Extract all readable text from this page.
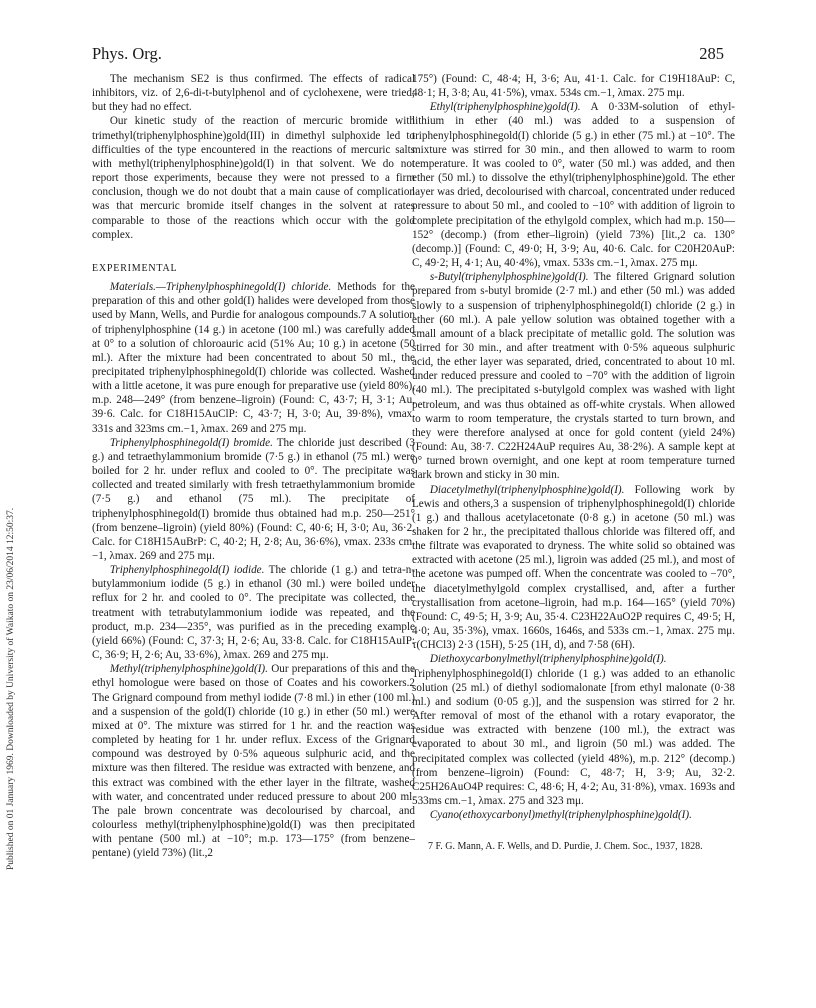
Phys. Org.	285
Published on 01 January 1969. Downloaded by University of Waikato on 23/06/2014 12:50:37.

The mechanism SE2 is thus confirmed. The effects of radical inhibitors, viz. of 2,6-di-t-butylphenol and of cyclohexene, were tried; but they had no effect.

Our kinetic study of the reaction of mercuric bromide with trimethyl(triphenylphosphine)gold(III) in dimethyl sulphoxide led to difficulties of the type encountered in the reactions of mercuric salts with methyl(triphenylphosphine)gold(I) in that solvent. We do not report those experiments, because they were not pressed to a firm conclusion, though we do not doubt that a main cause of complication was that mercuric bromide itself changes in the solvent at rates comparable to those of the reactions which occur with the gold complex.

EXPERIMENTAL

Materials.—Triphenylphosphinegold(I) chloride. Methods for the preparation of this and other gold(I) halides were developed from those used by Mann, Wells, and Purdie for analogous compounds.7 A solution of triphenylphosphine (14 g.) in acetone (100 ml.) was carefully added at 0° to a solution of chloroauric acid (51% Au; 10 g.) in acetone (50 ml.). After the mixture had been concentrated to about 50 ml., the precipitated triphenylphosphinegold(I) chloride was collected. Washed with a little acetone, it was pure enough for preparative use (yield 80%), m.p. 248—249° (from benzene–ligroin) (Found: C, 43·7; H, 3·1; Au, 39·6. Calc. for C18H15AuClP: C, 43·7; H, 3·0; Au, 39·8%), νmax. 331s and 323ms cm.−1, λmax. 269 and 275 mμ.

Triphenylphosphinegold(I) bromide. The chloride just described (3 g.) and tetraethylammonium bromide (7·5 g.) in ethanol (75 ml.) were boiled for 2 hr. under reflux and cooled to 0°. The precipitate was collected and treated similarly with fresh tetraethylammonium bromide (7·5 g.) and ethanol (75 ml.). The precipitate of triphenylphosphinegold(I) bromide thus obtained had m.p. 250—251° (from benzene–ligroin) (yield 80%) (Found: C, 40·6; H, 3·0; Au, 36·2. Calc. for C18H15AuBrP: C, 40·2; H, 2·8; Au, 36·6%), νmax. 233s cm.−1, λmax. 269 and 275 mμ.

Triphenylphosphinegold(I) iodide. The chloride (1 g.) and tetra-n-butylammonium iodide (5 g.) in ethanol (30 ml.) were boiled under reflux for 2 hr. and cooled to 0°. The precipitate was collected, the treatment with tetrabutylammonium iodide was repeated, and the product, m.p. 234—235°, was purified as in the preceding example (yield 66%) (Found: C, 37·3; H, 2·6; Au, 33·8. Calc. for C18H15AuIP: C, 36·9; H, 2·6; Au, 33·6%), λmax. 269 and 275 mμ.

Methyl(triphenylphosphine)gold(I). Our preparations of this and the ethyl homologue were based on those of Coates and his coworkers.2 The Grignard compound from methyl iodide (7·8 ml.) in ether (100 ml.) and a suspension of the gold(I) chloride (10 g.) in ether (50 ml.) were mixed at 0°. The mixture was stirred for 1 hr. and the reaction was completed by heating for 1 hr. under reflux. Excess of the Grignard compound was destroyed by 0·5% aqueous sulphuric acid, and the mixture was then filtered. The residue was extracted with benzene, and this extract was combined with the ether layer in the filtrate, washed with water, and concentrated under reduced pressure to about 200 ml. The pale brown concentrate was decolourised by charcoal, and colourless methyl(triphenylphosphine)gold(I) was then precipitated with pentane (500 ml.) at −10°; m.p. 173—175° (from benzene–pentane) (yield 73%) (lit.,2

175°) (Found: C, 48·4; H, 3·6; Au, 41·1. Calc. for C19H18AuP: C, 48·1; H, 3·8; Au, 41·5%), νmax. 534s cm.−1, λmax. 275 mμ.

Ethyl(triphenylphosphine)gold(I). A 0·33M-solution of ethyl-lithium in ether (40 ml.) was added to a suspension of triphenylphosphinegold(I) chloride (5 g.) in ether (75 ml.) at −10°. The mixture was stirred for 30 min., and then allowed to warm to room temperature. It was cooled to 0°, water (50 ml.) was added, and then ether (50 ml.) to dissolve the ethyl(triphenylphosphine)gold. The ether layer was dried, decolourised with charcoal, concentrated under reduced pressure to about 50 ml., and cooled to −10° with addition of ligroin to complete precipitation of the ethylgold complex, which had m.p. 150—152° (decomp.) (from ether–ligroin) (yield 73%) [lit.,2 ca. 130° (decomp.)] (Found: C, 49·0; H, 3·9; Au, 40·6. Calc. for C20H20AuP: C, 49·2; H, 4·1; Au, 40·4%), νmax. 533s cm.−1, λmax. 275 mμ.

s-Butyl(triphenylphosphine)gold(I). The filtered Grignard solution prepared from s-butyl bromide (2·7 ml.) and ether (50 ml.) was added slowly to a suspension of triphenylphosphinegold(I) chloride (2 g.) in ether (60 ml.). A pale yellow solution was obtained together with a small amount of a black precipitate of metallic gold. The solution was stirred for 30 min., and after treatment with 0·5% aqueous sulphuric acid, the ether layer was separated, dried, concentrated to about 10 ml. under reduced pressure and cooled to −70° with the addition of ligroin (40 ml.). The precipitated s-butylgold complex was washed with light petroleum, and was thus obtained as off-white crystals. When allowed to warm to room temperature, the crystals started to turn brown, and they were therefore analysed at once for gold content (yield 24%) (Found: Au, 38·7. C22H24AuP requires Au, 38·2%). A sample kept at 0° turned brown overnight, and one kept at room temperature turned dark brown and sticky in 30 min.

Diacetylmethyl(triphenylphosphine)gold(I). Following work by Lewis and others,3 a suspension of triphenylphosphinegold(I) chloride (1 g.) and thallous acetylacetonate (0·8 g.) in acetone (50 ml.) was shaken for 2 hr., the precipitated thallous chloride was filtered off, and the filtrate was evaporated to dryness. The white solid so obtained was extracted with acetone (25 ml.), ligroin was added (25 ml.), and most of the acetone was pumped off. When the concentrate was cooled to −70°, the diacetylmethylgold complex crystallised, and, after a further crystallisation from acetone–ligroin, had m.p. 164—165° (yield 70%) (Found: C, 49·5; H, 3·9; Au, 35·4. C23H22AuO2P requires C, 49·5; H, 4·0; Au, 35·3%), νmax. 1660s, 1646s, and 533s cm.−1, λmax. 275 mμ. τ(CHCl3) 2·3 (15H), 5·25 (1H, d), and 7·58 (6H).

Diethoxycarbonylmethyl(triphenylphosphine)gold(I). Triphenylphosphinegold(I) chloride (1 g.) was added to an ethanolic solution (25 ml.) of diethyl sodiomalonate [from ethyl malonate (0·38 ml.) and sodium (0·05 g.)], and the suspension was stirred for 2 hr. After removal of most of the ethanol with a rotary evaporator, the residue was extracted with benzene (100 ml.), the extract was evaporated to about 30 ml., and ligroin (50 ml.) was added. The precipitated complex was collected (yield 48%), m.p. 212° (decomp.) (from benzene–ligroin) (Found: C, 48·7; H, 3·9; Au, 32·2. C25H26AuO4P requires: C, 48·6; H, 4·2; Au, 31·8%), νmax. 1693s and 533ms cm.−1, λmax. 275 and 323 mμ.

Cyano(ethoxycarbonyl)methyl(triphenylphosphine)gold(I).

7 F. G. Mann, A. F. Wells, and D. Purdie, J. Chem. Soc., 1937, 1828.
